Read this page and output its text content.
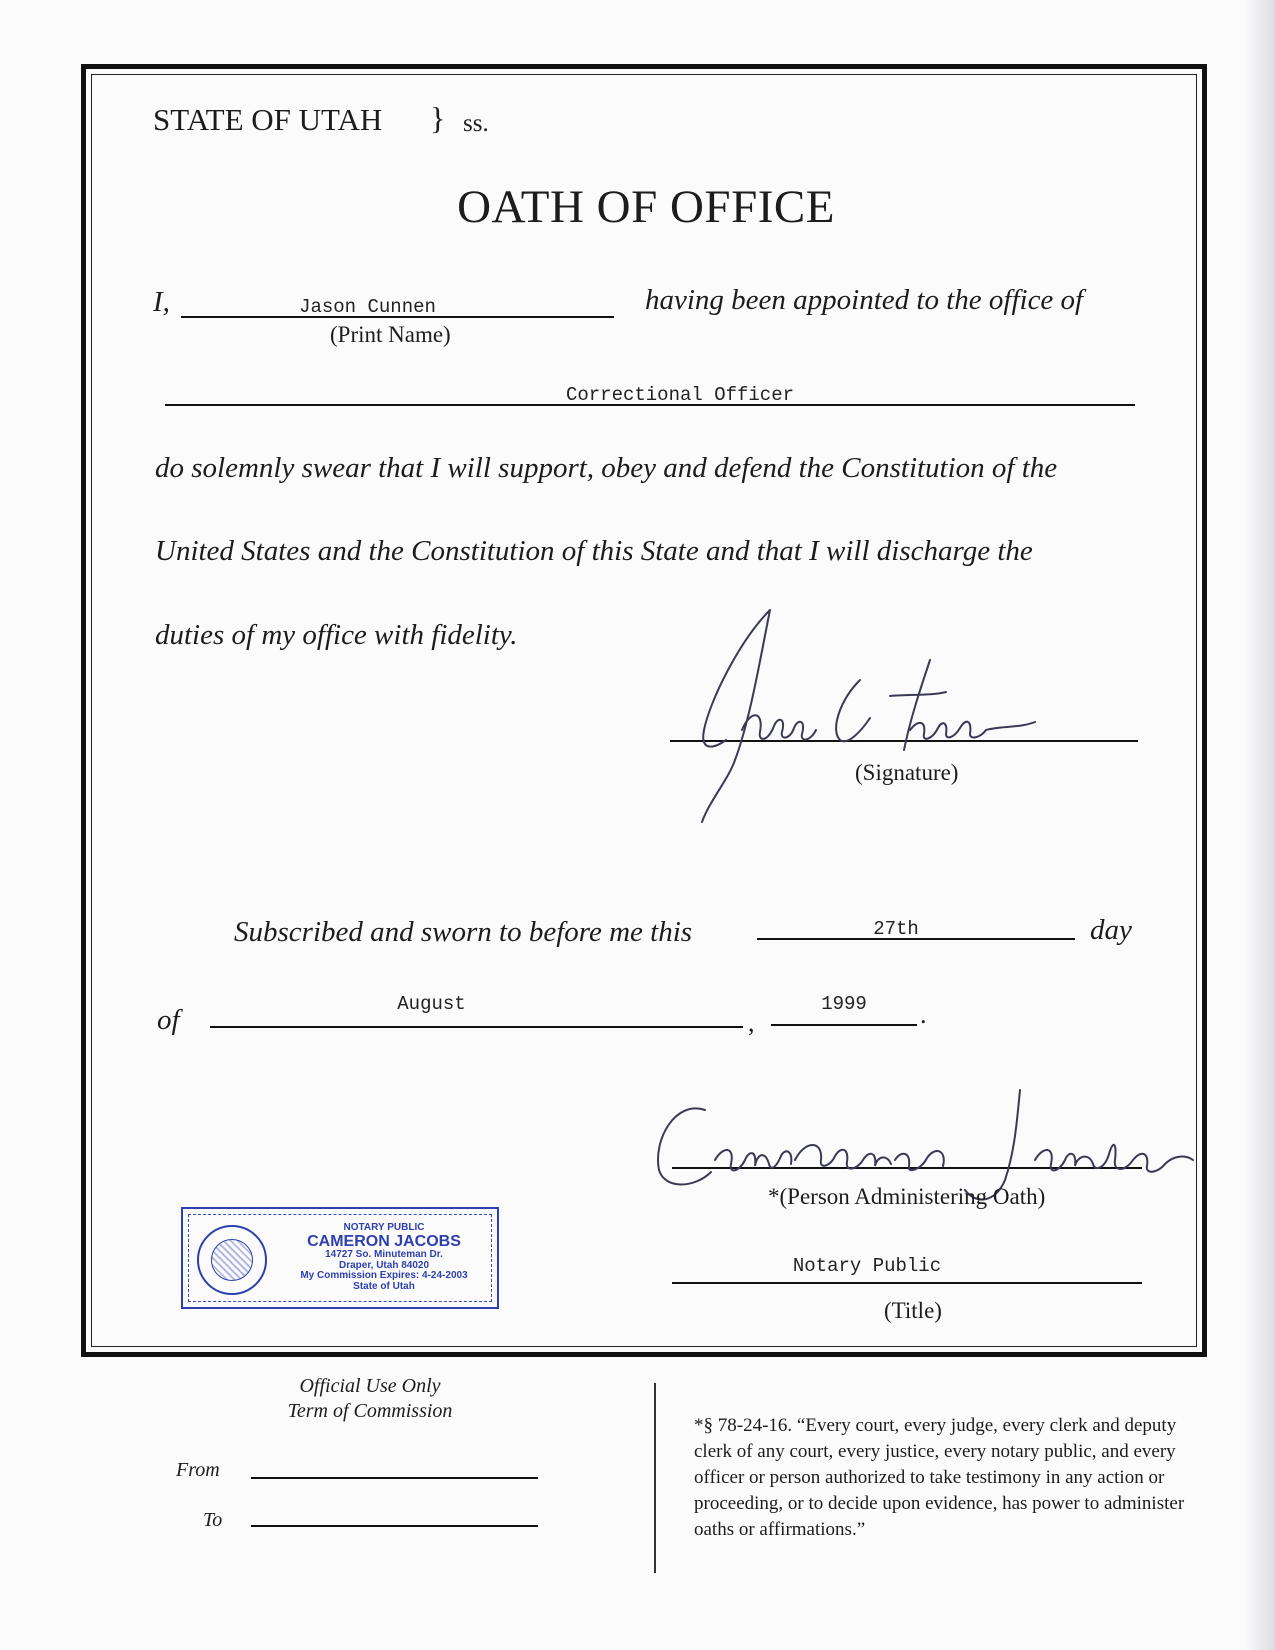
STATE OF UTAH } ss.
OATH OF OFFICE
I,	Jason Cunnen
(Print Name)
having been appointed to the office of
Correctional Officer
do solemnly swear that I will support, obey and defend the Constitution of the
United States and the Constitution of this State and that I will discharge the
duties of my office with fidelity.
(Signature)
Subscribed and sworn to before me this	27th	day
of	August
,
1999	.
*(Person Administering Oath)
Notary Public
(Title)
NOTARY PUBLIC
CAMERON JACOBS
14727 So. Minuteman Dr.
Draper, Utah 84020
My Commission Expires: 4-24-2003
State of Utah
Official Use Only
Term of Commission
From
To
*§ 78-24-16. “Every court, every judge, every clerk and deputy clerk of any court, every justice, every notary public, and every officer or person authorized to take testimony in any action or proceeding, or to decide upon evidence, has power to administer oaths or affirmations.”
